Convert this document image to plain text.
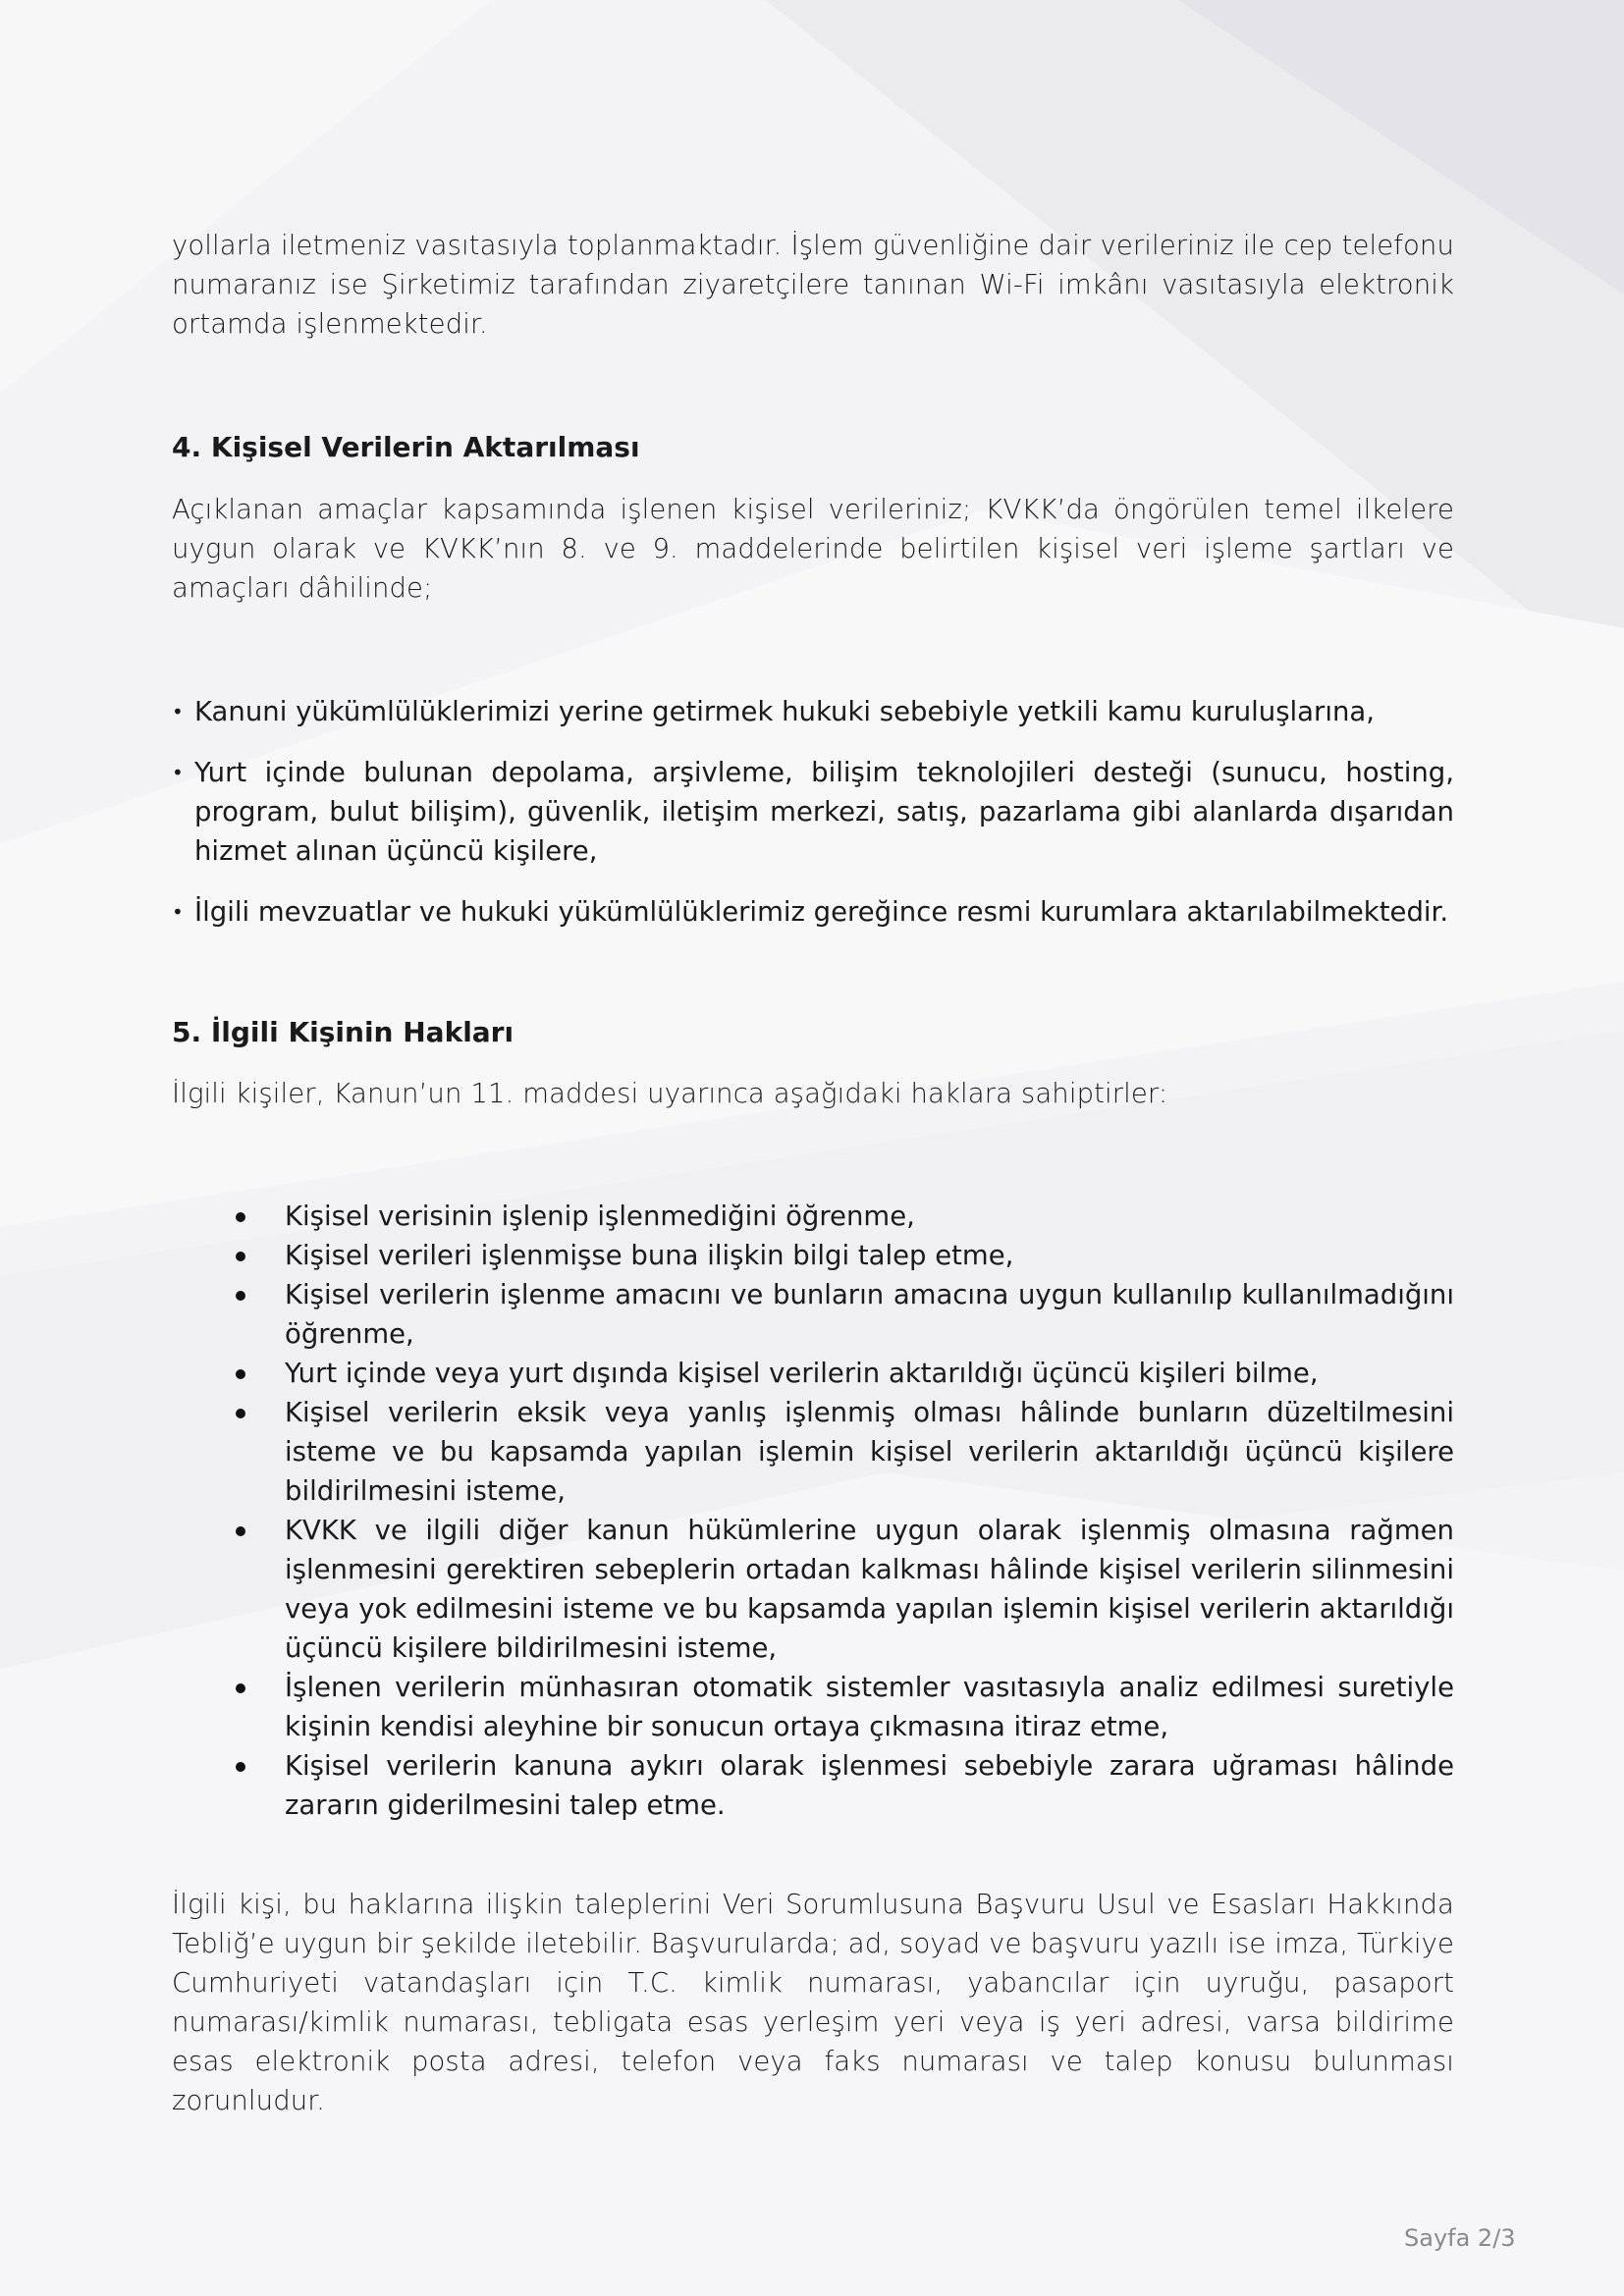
yollarla iletmeniz vasıtasıyla toplanmaktadır. İşlem güvenliğine dair verileriniz ile cep telefonu numaranız ise Şirketimiz tarafından ziyaretçilere tanınan Wi-Fi imkânı vasıtasıyla elektronik ortamda işlenmektedir.

4. Kişisel Verilerin Aktarılması

Açıklanan amaçlar kapsamında işlenen kişisel verileriniz; KVKK’da öngörülen temel ilkelere uygun olarak ve KVKK’nın 8. ve 9. maddelerinde belirtilen kişisel veri işleme şartları ve amaçları dâhilinde;

• Kanuni yükümlülüklerimizi yerine getirmek hukuki sebebiyle yetkili kamu kuruluşlarına,
• Yurt içinde bulunan depolama, arşivleme, bilişim teknolojileri desteği (sunucu, hosting, program, bulut bilişim), güvenlik, iletişim merkezi, satış, pazarlama gibi alanlarda dışarıdan hizmet alınan üçüncü kişilere,
• İlgili mevzuatlar ve hukuki yükümlülüklerimiz gereğince resmi kurumlara aktarılabilmektedir.
5. İlgili Kişinin Hakları

İlgili kişiler, Kanun’un 11. maddesi uyarınca aşağıdaki haklara sahiptirler:

Kişisel verisinin işlenip işlenmediğini öğrenme,
Kişisel verileri işlenmişse buna ilişkin bilgi talep etme,
Kişisel verilerin işlenme amacını ve bunların amacına uygun kullanılıp kullanılmadığını öğrenme,
Yurt içinde veya yurt dışında kişisel verilerin aktarıldığı üçüncü kişileri bilme,
Kişisel verilerin eksik veya yanlış işlenmiş olması hâlinde bunların düzeltilmesini isteme ve bu kapsamda yapılan işlemin kişisel verilerin aktarıldığı üçüncü kişilere bildirilmesini isteme,
KVKK ve ilgili diğer kanun hükümlerine uygun olarak işlenmiş olmasına rağmen işlenmesini gerektiren sebeplerin ortadan kalkması hâlinde kişisel verilerin silinmesini veya yok edilmesini isteme ve bu kapsamda yapılan işlemin kişisel verilerin aktarıldığı üçüncü kişilere bildirilmesini isteme,
İşlenen verilerin münhasıran otomatik sistemler vasıtasıyla analiz edilmesi suretiyle kişinin kendisi aleyhine bir sonucun ortaya çıkmasına itiraz etme,
Kişisel verilerin kanuna aykırı olarak işlenmesi sebebiyle zarara uğraması hâlinde zararın giderilmesini talep etme.

İlgili kişi, bu haklarına ilişkin taleplerini Veri Sorumlusuna Başvuru Usul ve Esasları Hakkında Tebliğ’e uygun bir şekilde iletebilir. Başvurularda; ad, soyad ve başvuru yazılı ise imza, Türkiye Cumhuriyeti vatandaşları için T.C. kimlik numarası, yabancılar için uyruğu, pasaport numarası/kimlik numarası, tebligata esas yerleşim yeri veya iş yeri adresi, varsa bildirime esas elektronik posta adresi, telefon veya faks numarası ve talep konusu bulunması zorunludur.

Sayfa 2/3
